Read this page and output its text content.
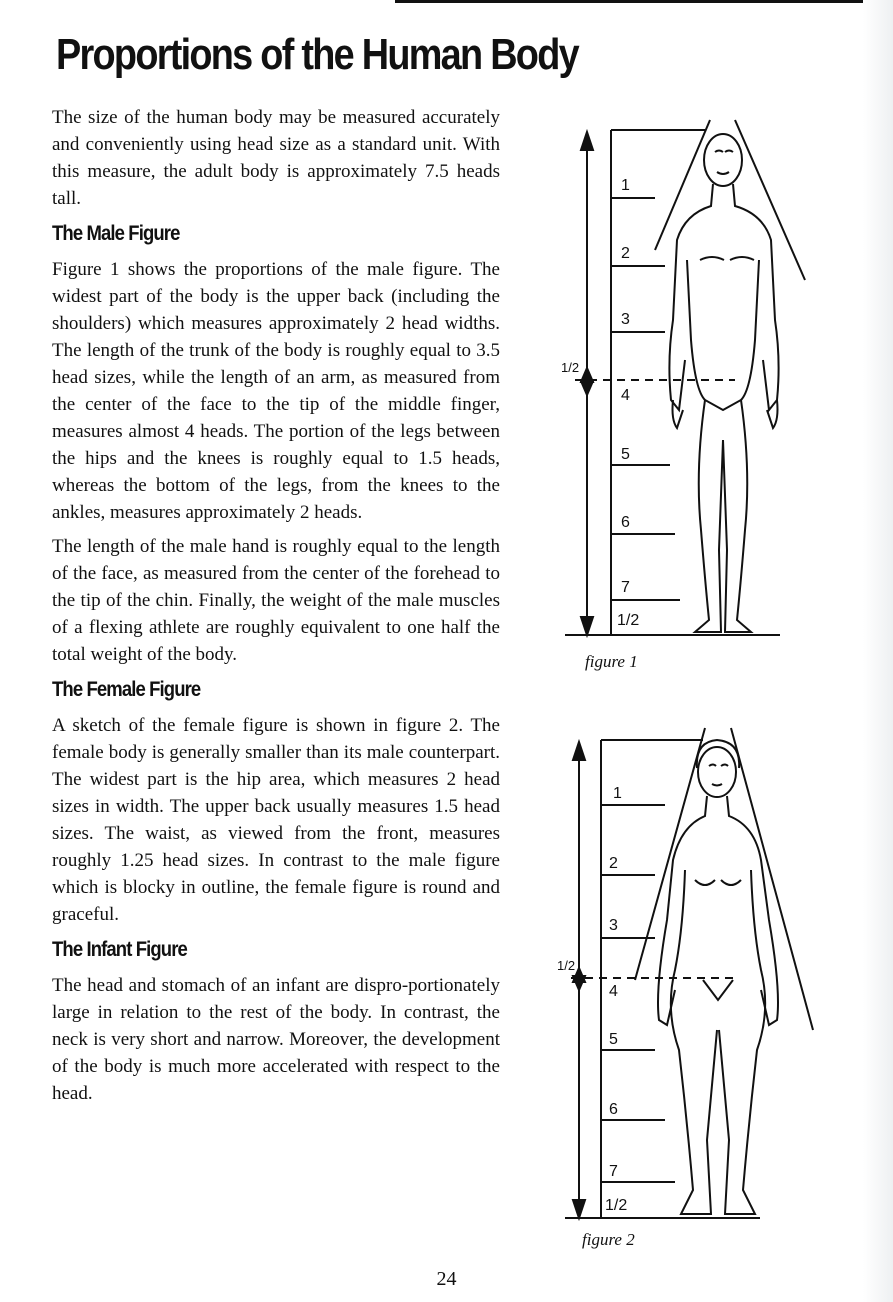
Proportions of the Human Body

The size of the human body may be measured accurately and conveniently using head size as a standard unit. With this measure, the adult body is approximately 7.5 heads tall.

The Male Figure

Figure 1 shows the proportions of the male figure. The widest part of the body is the upper back (including the shoulders) which measures approximately 2 head widths. The length of the trunk of the body is roughly equal to 3.5 head sizes, while the length of an arm, as measured from the center of the face to the tip of the middle finger, measures almost 4 heads. The portion of the legs between the hips and the knees is roughly equal to 1.5 heads, whereas the bottom of the legs, from the knees to the ankles, measures approximately 2 heads.

The length of the male hand is roughly equal to the length of the face, as measured from the center of the forehead to the tip of the chin. Finally, the weight of the male muscles of a flexing athlete are roughly equivalent to one half the total weight of the body.

The Female Figure

A sketch of the female figure is shown in figure 2. The female body is generally smaller than its male counterpart. The widest part is the hip area, which measures 2 head sizes in width. The upper back usually measures 1.5 head sizes. The waist, as viewed from the front, measures roughly 1.25 head sizes. In contrast to the male figure which is blocky in outline, the female figure is round and graceful.

The Infant Figure

The head and stomach of an infant are dispro-portionately large in relation to the rest of the body. In contrast, the neck is very short and narrow. Moreover, the development of the body is much more accelerated with respect to the head.

1
2
3
4
5
6
7
1/2
1/2
figure 1
1
2
3
4
5
6
7
1/2
1/2
figure 2
24
